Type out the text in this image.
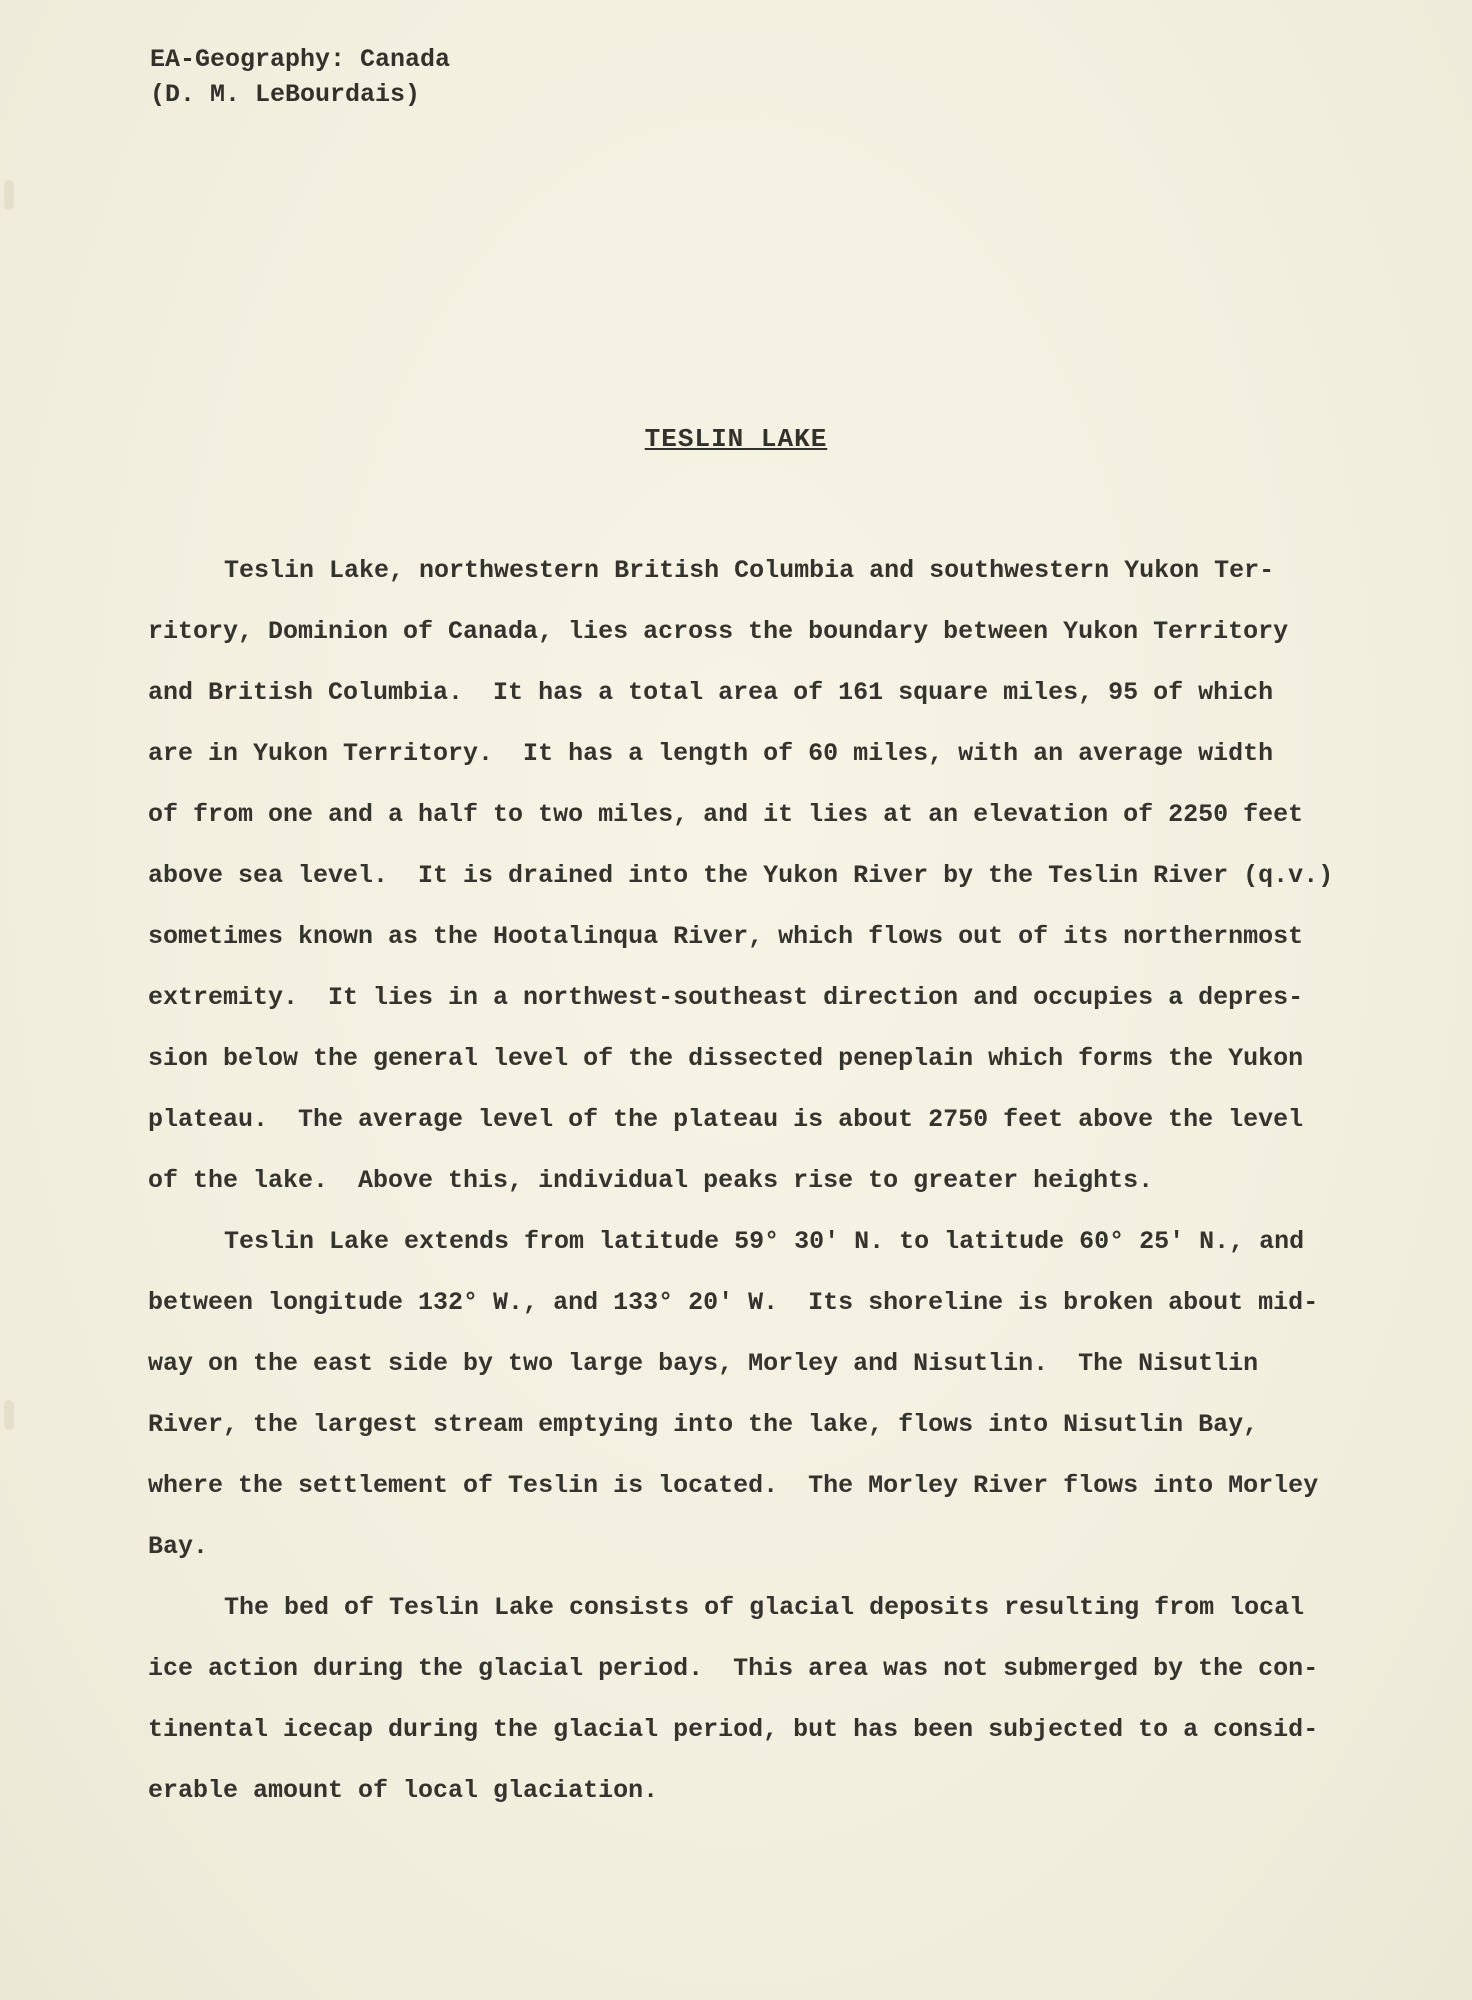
EA-Geography: Canada
(D. M. LeBourdais)
TESLIN LAKE
Teslin Lake, northwestern British Columbia and southwestern Yukon Ter-
ritory, Dominion of Canada, lies across the boundary between Yukon Territory
and British Columbia.  It has a total area of 161 square miles, 95 of which
are in Yukon Territory.  It has a length of 60 miles, with an average width
of from one and a half to two miles, and it lies at an elevation of 2250 feet
above sea level.  It is drained into the Yukon River by the Teslin River (q.v.)
sometimes known as the Hootalinqua River, which flows out of its northernmost
extremity.  It lies in a northwest-southeast direction and occupies a depres-
sion below the general level of the dissected peneplain which forms the Yukon
plateau.  The average level of the plateau is about 2750 feet above the level
of the lake.  Above this, individual peaks rise to greater heights.
Teslin Lake extends from latitude 59° 30' N. to latitude 60° 25' N., and
between longitude 132° W., and 133° 20' W.  Its shoreline is broken about mid-
way on the east side by two large bays, Morley and Nisutlin.  The Nisutlin
River, the largest stream emptying into the lake, flows into Nisutlin Bay,
where the settlement of Teslin is located.  The Morley River flows into Morley
Bay.
The bed of Teslin Lake consists of glacial deposits resulting from local
ice action during the glacial period.  This area was not submerged by the con-
tinental icecap during the glacial period, but has been subjected to a consid-
erable amount of local glaciation.
